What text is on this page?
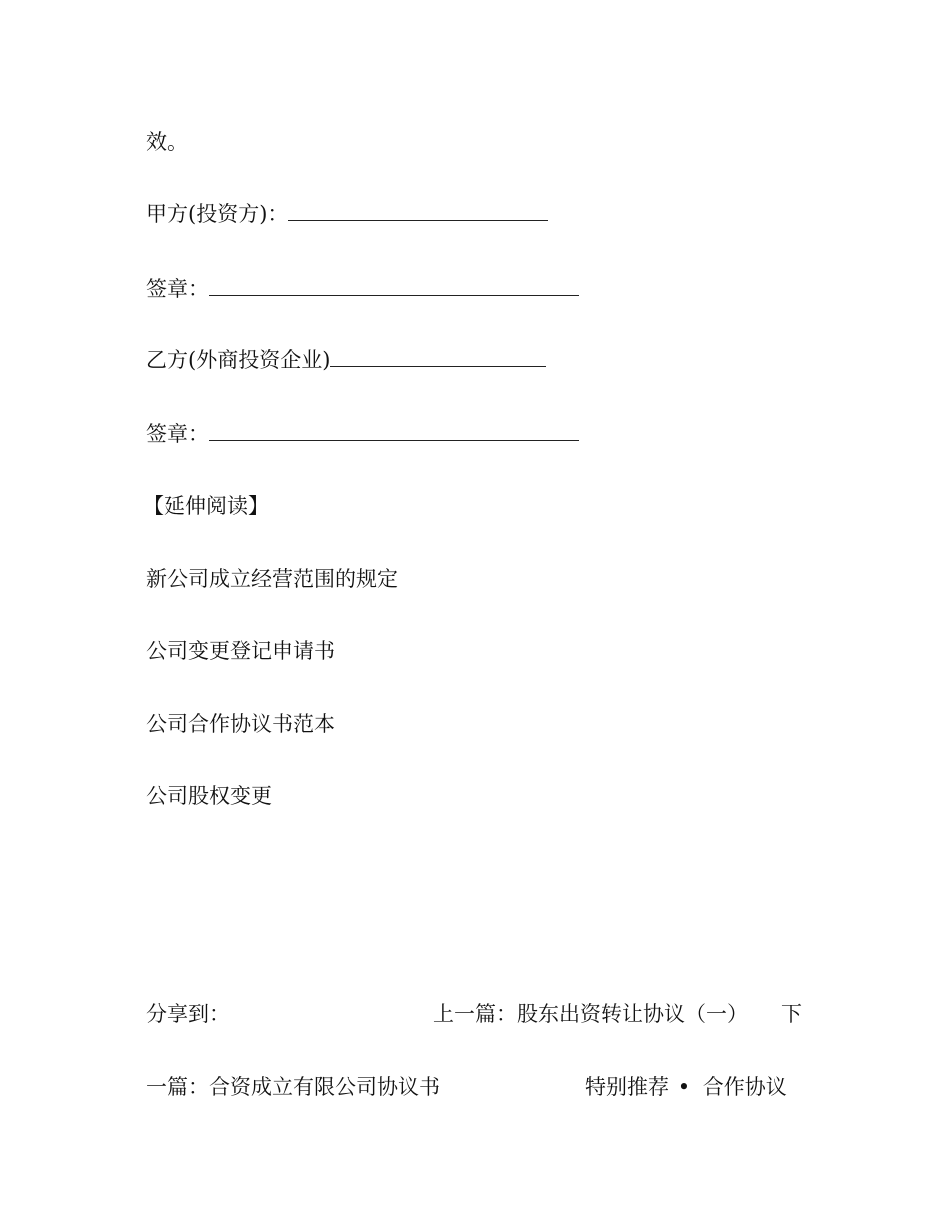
效。
甲方(投资方)：
签章：
乙方(外商投资企业)
签章：
【延伸阅读】
新公司成立经营范围的规定
公司变更登记申请书
公司合作协议书范本
公司股权变更
分享到：	上一篇：股东出资转让协议（一） 下
一篇：合资成立有限公司协议书	特别推荐 • 合作协议
